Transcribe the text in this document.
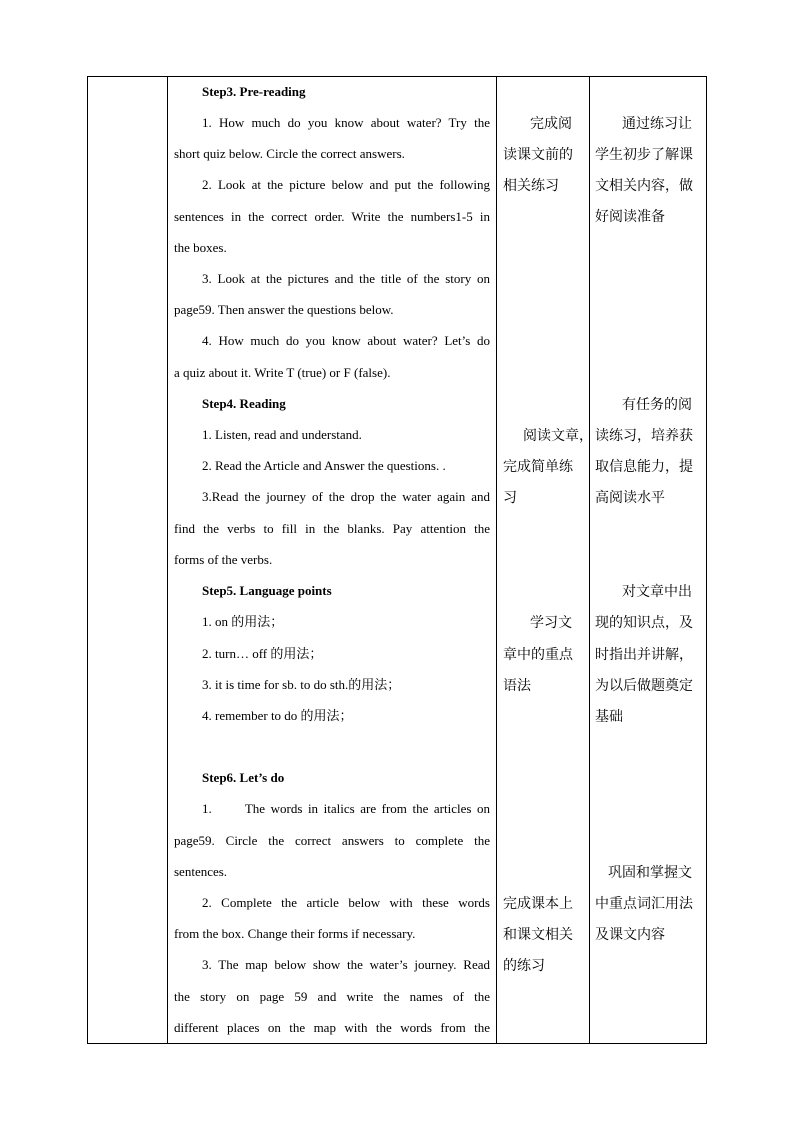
Step3. Pre-reading
1. How much do you know about water? Try the
short quiz below. Circle the correct answers.
2. Look at the picture below and put the following
sentences in the correct order. Write the numbers1-5 in
the boxes.
3. Look at the pictures and the title of the story on
page59. Then answer the questions below.
4. How much do you know about water? Let’s do
a quiz about it. Write T (true) or F (false).
Step4. Reading
1. Listen, read and understand.
2. Read the Article and Answer the questions. .
3.Read the journey of the drop the water again and
find the verbs to fill in the blanks. Pay attention the
forms of the verbs.
Step5. Language points
1. on 的用法；
2. turn… off 的用法；
3. it is time for sb. to do sth.的用法；
4. remember to do 的用法；
Step6. Let’s do
1.      The words in italics are from the articles on
page59. Circle the correct answers to complete the
sentences.
2. Complete the article below with these words
from the box. Change their forms if necessary.
3. The map below show the water’s journey. Read
the story on page 59 and write the names of the
different places on the map with the words from the
完成阅
读课文前的
相关练习
阅读文章，
完成简单练
习
学习文
章中的重点
语法
完成课本上
和课文相关
的练习
通过练习让
学生初步了解课
文相关内容，做
好阅读准备
有任务的阅
读练习，培养获
取信息能力，提
高阅读水平
对文章中出
现的知识点，及
时指出并讲解，
为以后做题奠定
基础
巩固和掌握文
中重点词汇用法
及课文内容
